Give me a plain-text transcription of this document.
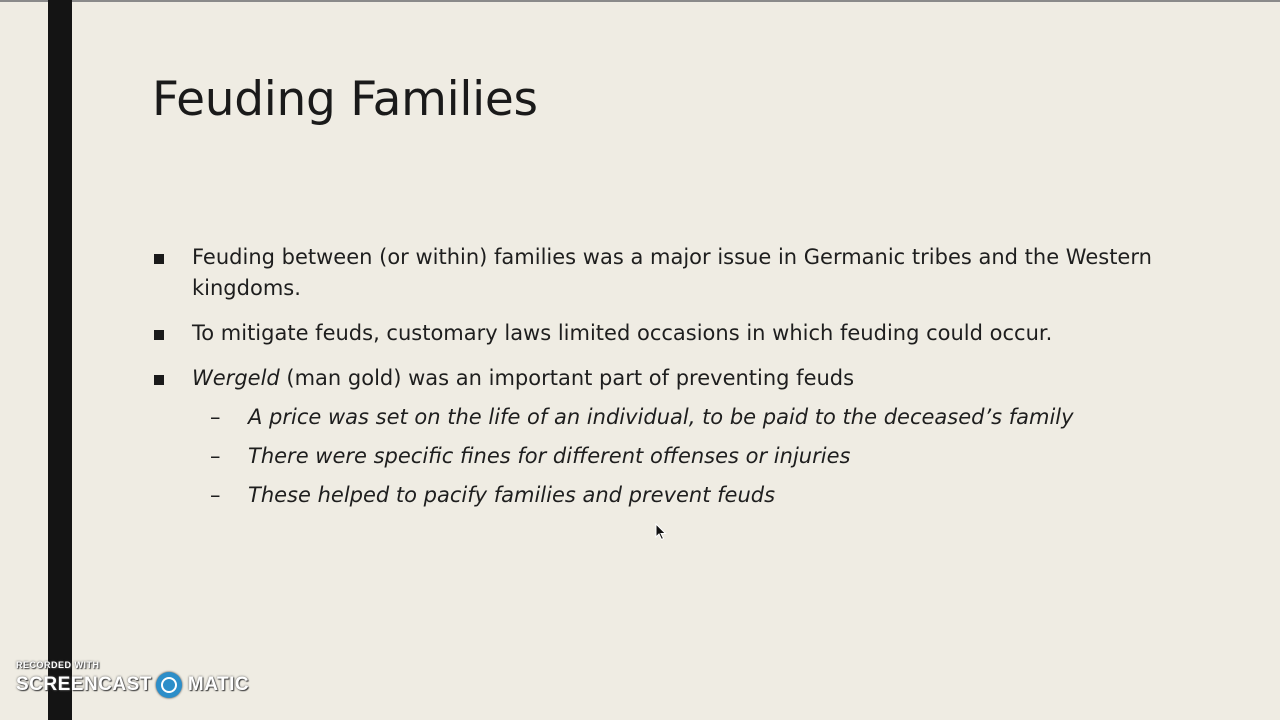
Feuding Families
Feuding between (or within) families was a major issue in Germanic tribes and the Western kingdoms.
To mitigate feuds, customary laws limited occasions in which feuding could occur.
Wergeld (man gold) was an important part of preventing feuds
– A price was set on the life of an individual, to be paid to the deceased’s family
– There were specific fines for different offenses or injuries
– These helped to pacify families and prevent feuds
RECORDED WITH
SCREENCAST MATIC
